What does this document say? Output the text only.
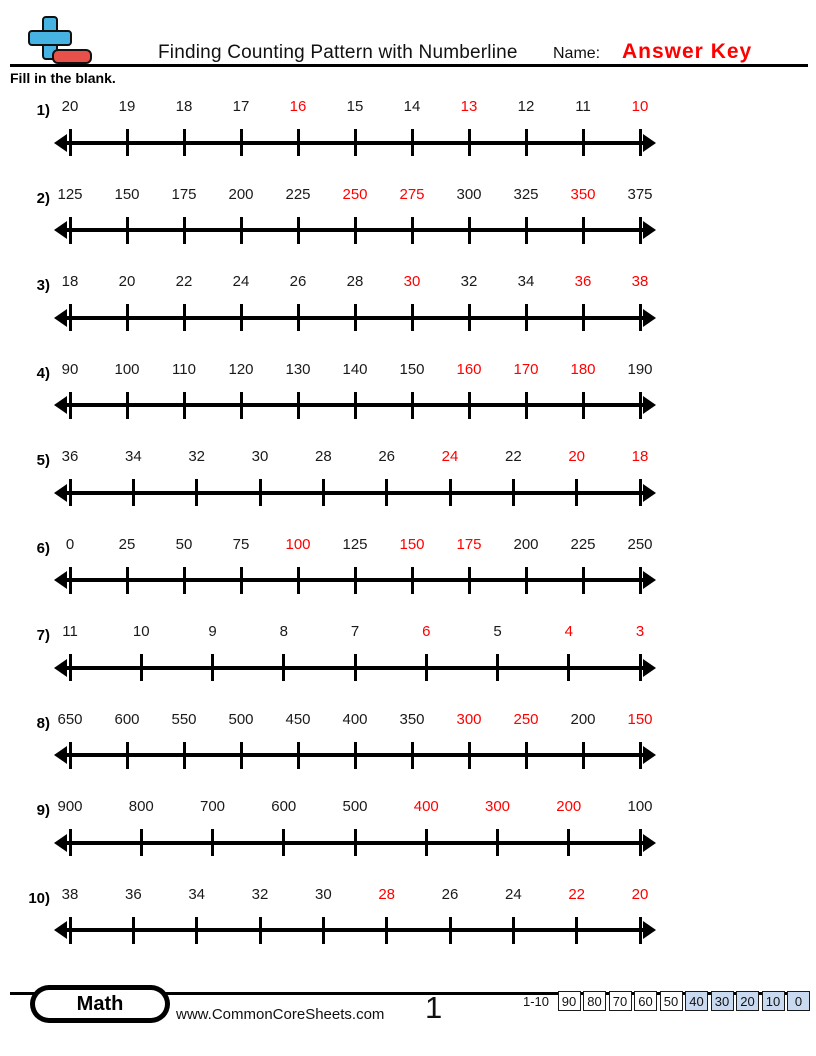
Finding Counting Pattern with Numberline Name: Answer Key
Fill in the blank.
1) 20	19	18	17	16	15	14	13	12	11	10
2) 125 150 175 200 225 250 275 300 325 350 375
3) 18	20	22	24	26	28	30	32	34	36	38
4) 90 100 110 120 130 140 150 160 170 180 190
5) 36	34	32	30	28	26	24	22	20	18
6) 0	25	50	75 100 125 150 175 200 225 250
7) 11	10	9	8	7	6	5	4	3
8) 650 600 550 500 450 400 350 300 250 200 150
9) 900	800	700	600	500	400	300	200	100
10) 38	36	34	32	30	28	26	24	22	20
Math	www.CommonCoreSheets.com 1	1-10 90 80 70 60 50 40 30 20 10	0
